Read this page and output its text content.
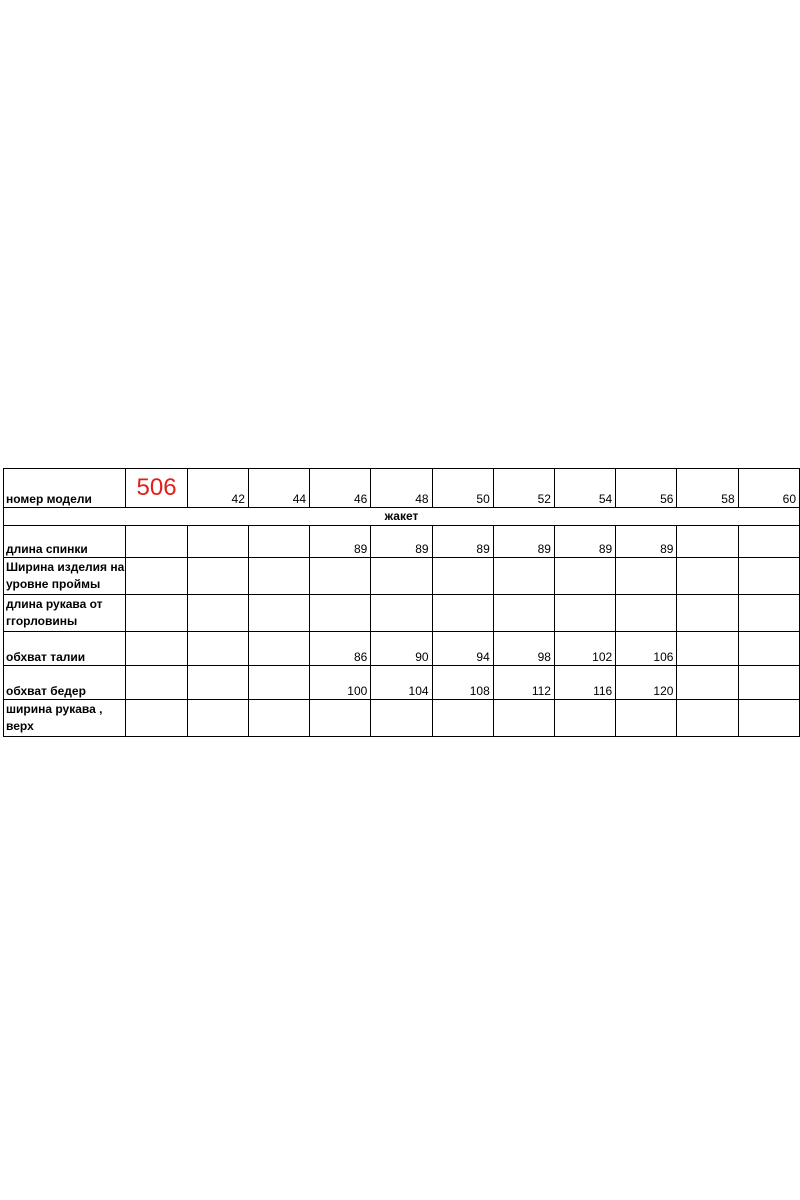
номер модели	506	42	44	46	48	50	52	54	56	58	60
жакет											
длина спинки				89	89	89	89	89	89		
Ширина изделия на уровне проймы											
длина рукава от ггорловины											
обхват талии				86	90	94	98	102	106		
обхват бедер				100	104	108	112	116	120		
ширина рукава , верх											
